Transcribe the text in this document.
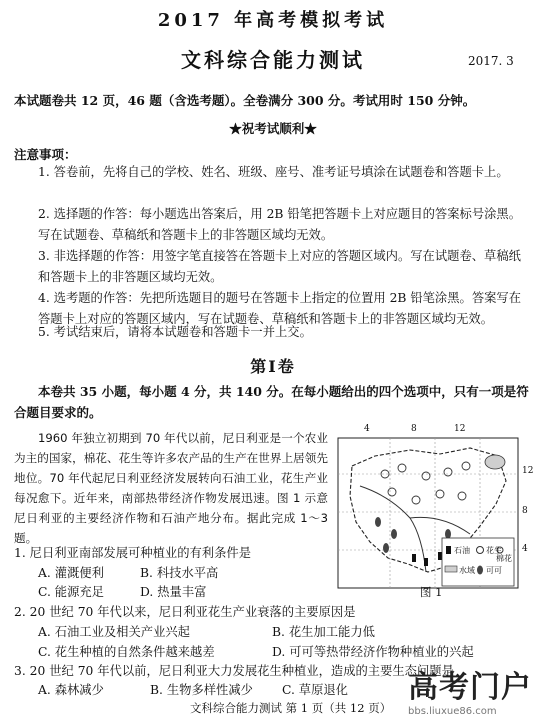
2017 年高考模拟考试
文科综合能力测试	2017. 3
本试题卷共 12 页，46 题（含选考题）。全卷满分 300 分。考试用时 150 分钟。
★祝考试顺利★
注意事项：
1. 答卷前，先将自己的学校、姓名、班级、座号、准考证号填涂在试题卷和答题卡上。
2. 选择题的作答：每小题选出答案后，用 2B 铅笔把答题卡上对应题目的答案标号涂黑。写在试题卷、草稿纸和答题卡上的非答题区域均无效。
3. 非选择题的作答：用签字笔直接答在答题卡上对应的答题区域内。写在试题卷、草稿纸和答题卡上的非答题区域均无效。
4. 选考题的作答：先把所选题目的题号在答题卡上指定的位置用 2B 铅笔涂黑。答案写在答题卡上对应的答题区域内，写在试题卷、草稿纸和答题卡上的非答题区域均无效。
5. 考试结束后，请将本试题卷和答题卡一并上交。
第Ⅰ卷
本卷共 35 小题，每小题 4 分，共 140 分。在每小题给出的四个选项中，只有一项是符合题目要求的。
1960 年独立初期到 70 年代以前，尼日利亚是一个农业为主的国家，棉花、花生等许多农产品的生产在世界上居领先地位。70 年代起尼日利亚经济发展转向石油工业，花生产业每况愈下。近年来，南部热带经济作物发展迅速。图 1 示意尼日利亚的主要经济作物和石油产地分布。据此完成 1～3 题。
4	8	12
12
8
4
石油 花生
棉花
水域 可可
图 1
1. 尼日利亚南部发展可种植业的有利条件是
A. 灌溉便利	B. 科技水平高
C. 能源充足	D. 热量丰富
2. 20 世纪 70 年代以来，尼日利亚花生产业衰落的主要原因是
A. 石油工业及相关产业兴起	B. 花生加工能力低
C. 花生种植的自然条件越来越差	D. 可可等热带经济作物种植业的兴起
3. 20 世纪 70 年代以前，尼日利亚大力发展花生种植业，造成的主要生态问题是
A. 森林减少	B. 生物多样性减少 C. 草原退化
文科综合能力测试 第 1 页（共 12 页）
高考门户
bbs.liuxue86.com
